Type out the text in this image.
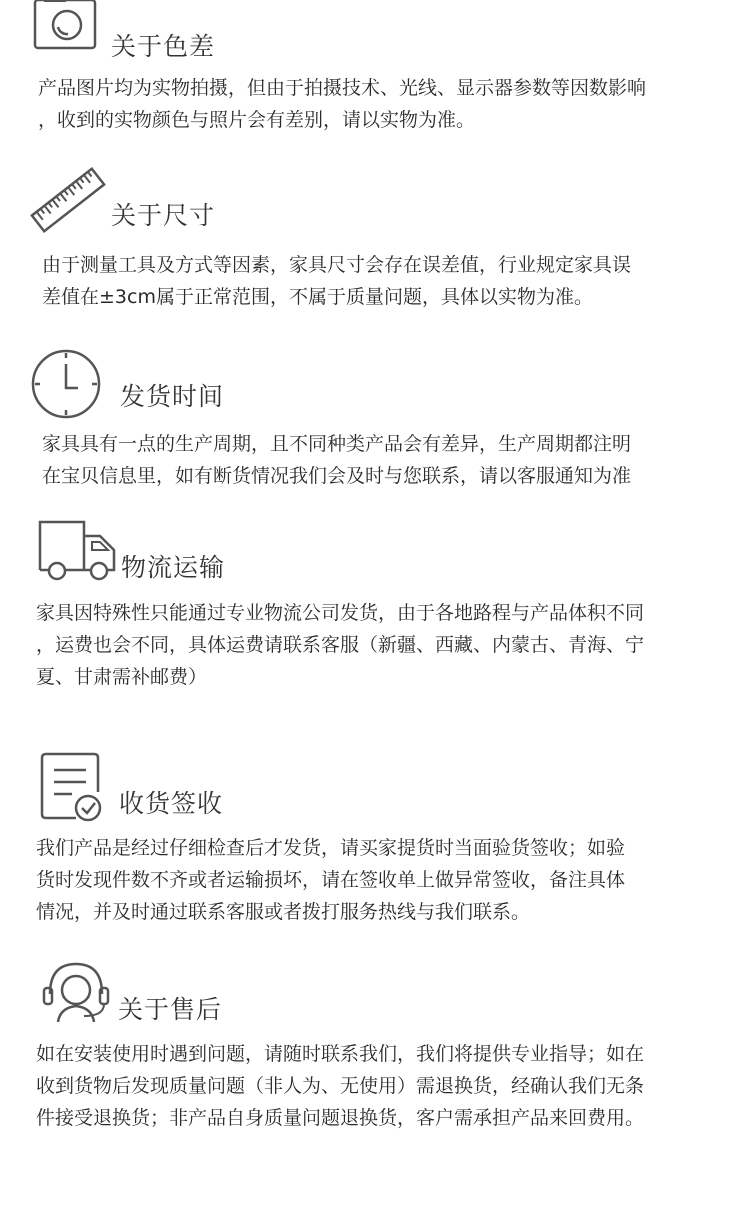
关于色差
产品图片均为实物拍摄，但由于拍摄技术、光线、显示器参数等因数影响
，收到的实物颜色与照片会有差别，请以实物为准。
关于尺寸
由于测量工具及方式等因素，家具尺寸会存在误差值，行业规定家具误
差值在±3cm属于正常范围，不属于质量问题，具体以实物为准。
发货时间
家具具有一点的生产周期，且不同种类产品会有差异，生产周期都注明
在宝贝信息里，如有断货情况我们会及时与您联系，请以客服通知为准
物流运输
家具因特殊性只能通过专业物流公司发货，由于各地路程与产品体积不同
，运费也会不同，具体运费请联系客服（新疆、西藏、内蒙古、青海、宁
夏、甘肃需补邮费）
收货签收
我们产品是经过仔细检查后才发货，请买家提货时当面验货签收；如验
货时发现件数不齐或者运输损坏，请在签收单上做异常签收，备注具体
情况，并及时通过联系客服或者拨打服务热线与我们联系。
关于售后
如在安装使用时遇到问题，请随时联系我们，我们将提供专业指导；如在
收到货物后发现质量问题（非人为、无使用）需退换货，经确认我们无条
件接受退换货；非产品自身质量问题退换货，客户需承担产品来回费用。
